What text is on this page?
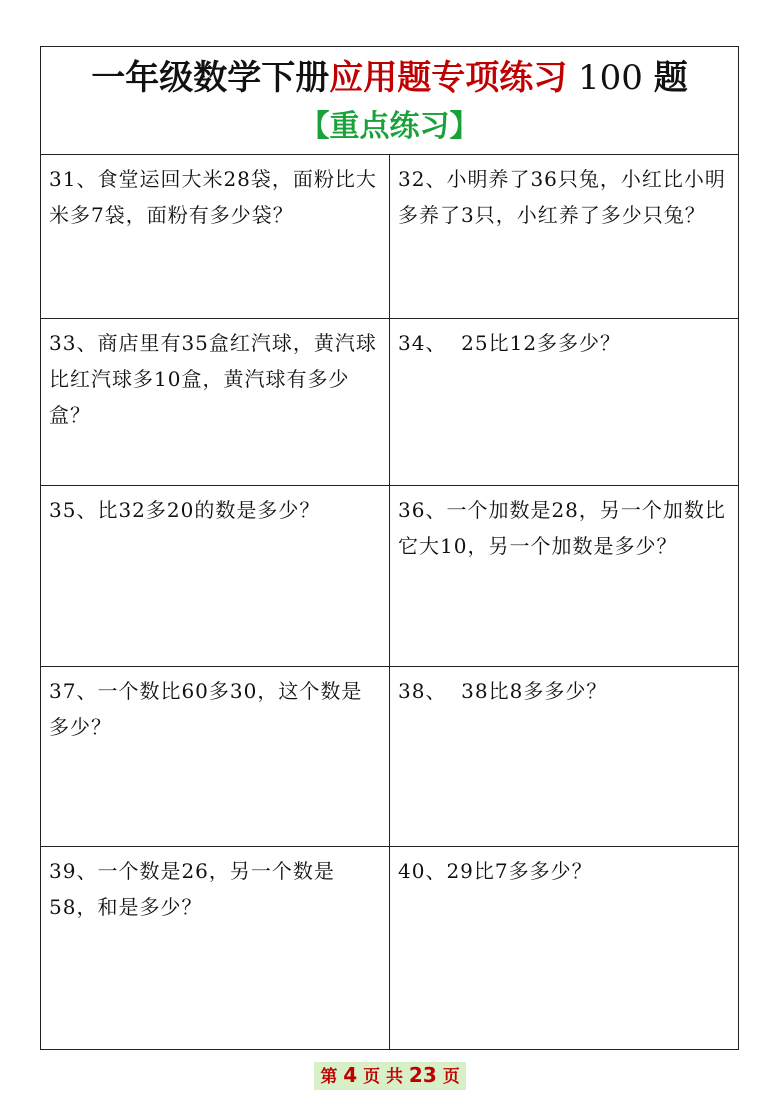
一年级数学下册应用题专项练习 100 题
【重点练习】
31、食堂运回大米28袋，面粉比大米多7袋，面粉有多少袋？
32、小明养了36只兔，小红比小明多养了3只，小红养了多少只兔？
33、商店里有35盒红汽球，黄汽球比红汽球多10盒，黄汽球有多少盒？
34、  25比12多多少？
35、比32多20的数是多少？	36、一个加数是28，另一个加数比它大10，另一个加数是多少？
37、一个数比60多30，这个数是多少？
38、  38比8多多少？
39、一个数是26，另一个数是58，和是多少？
40、29比7多多少？
第 4 页 共 23 页
